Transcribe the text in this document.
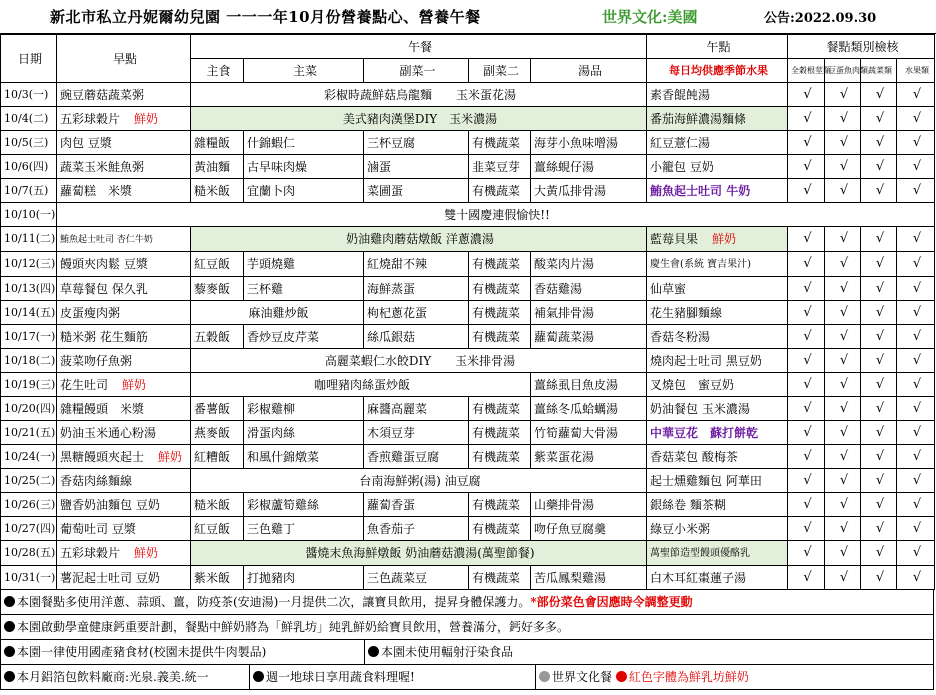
新北市私立丹妮爾幼兒園 一一一年10月份營養點心、營養午餐	世界文化:美國	公告:2022.09.30
日期	早點	午餐					午點	餐點類別檢核			
		主食	主菜	副菜一	副菜二	湯品	每日均供應季節水果	全穀根莖類	豆蛋魚肉類	蔬菜類	水果類
10/3(一)	豌豆蘑菇蔬菜粥	彩椒時蔬鮮菇烏龍麵　　玉米蛋花湯					素香餛飩湯	√	√	√	√
10/4(二)	五彩球穀片 鮮奶	美式豬肉漢堡DIY　玉米濃湯					番茄海鮮濃湯麵條	√	√	√	√
10/5(三)	肉包 豆漿	雜糧飯	什錦蝦仁	三杯豆腐	有機蔬菜	海芽小魚味噌湯	紅豆薏仁湯	√	√	√	√
10/6(四)	蔬菜玉米鮭魚粥	黃油麵	古早味肉燥	滷蛋	韭菜豆芽	薑絲蜆仔湯	小籠包 豆奶	√	√	√	√
10/7(五)	蘿蔔糕　米漿	糙米飯	宜蘭卜肉	菜圃蛋	有機蔬菜	大黃瓜排骨湯	鮪魚起士吐司 牛奶	√	√	√	√
10/10(一)	雙十國慶連假愉快!!										
10/11(二)	鮪魚起士吐司 杏仁牛奶	奶油雞肉蘑菇燉飯 洋蔥濃湯					藍莓貝果 鮮奶	√	√	√	√
10/12(三)	饅頭夾肉鬆 豆漿	紅豆飯	芋頭燒雞	紅燒甜不辣	有機蔬菜	酸菜肉片湯	慶生會(系統 寶吉果汁)	√	√	√	√
10/13(四)	草莓餐包 保久乳	藜麥飯	三杯雞	海鮮蒸蛋	有機蔬菜	香菇雞湯	仙草蜜	√	√	√	√
10/14(五)	皮蛋瘦肉粥	麻油雞炒飯		枸杞蔥花蛋	有機蔬菜	補氣排骨湯	花生豬腳麵線	√	√	√	√
10/17(一)	糙米粥 花生麵筋	五穀飯	香炒豆皮芹菜	絲瓜銀菇	有機蔬菜	蘿蔔蔬菜湯	香菇冬粉湯	√	√	√	√
10/18(二)	菠菜吻仔魚粥	高麗菜蝦仁水餃DIY　　玉米排骨湯					燒肉起士吐司 黑豆奶	√	√	√	√
10/19(三)	花生吐司 鮮奶	咖哩豬肉絲蛋炒飯				薑絲虱目魚皮湯	叉燒包　蜜豆奶	√	√	√	√
10/20(四)	雜糧饅頭　米漿	番薯飯	彩椒雞柳	麻醬高麗菜	有機蔬菜	薑絲冬瓜蛤蠣湯	奶油餐包 玉米濃湯	√	√	√	√
10/21(五)	奶油玉米通心粉湯	燕麥飯	滑蛋肉絲	木須豆芽	有機蔬菜	竹筍蘿蔔大骨湯	中華豆花　蘇打餅乾	√	√	√	√
10/24(一)	黑糖饅頭夾起士 鮮奶	紅糟飯	和風什錦燉菜	香煎雞蛋豆腐	有機蔬菜	紫菜蛋花湯	香菇菜包 酸梅茶	√	√	√	√
10/25(二)	香菇肉絲麵線	台南海鮮粥(湯) 油豆腐					起士燻雞麵包 阿華田	√	√	√	√
10/26(三)	鹽香奶油麵包 豆奶	糙米飯	彩椒蘆筍雞絲	蘿蔔香蛋	有機蔬菜	山藥排骨湯	銀絲卷 麵茶糊	√	√	√	√
10/27(四)	葡萄吐司 豆漿	紅豆飯	三色雞丁	魚香茄子	有機蔬菜	吻仔魚豆腐羹	綠豆小米粥	√	√	√	√
10/28(五)	五彩球穀片 鮮奶	醬燒末魚海鮮燉飯 奶油蘑菇濃湯(萬聖節餐)					萬聖節造型饅頭優酪乳	√	√	√	√
10/31(一)	薯泥起士吐司 豆奶	紫米飯	打拋豬肉	三色蔬菜豆	有機蔬菜	苦瓜鳳梨雞湯	白木耳紅棗蓮子湯	√	√	√	√
本園餐點多使用洋蔥、蒜頭、薑，防疫茶(安迪湯)一月提供二次，讓寶貝飲用，提昇身體保護力。*部份菜色會因應時令調整更動
本園啟動學童健康鈣重要計劃，餐點中鮮奶將為「鮮乳坊」純乳鮮奶給寶貝飲用，營養滿分，鈣好多多。
本園一律使用國產豬食材(校園未提供牛肉製品)	本園未使用輻射汙染食品
本月鋁箔包飲料廠商:光泉.義美.統一	週一地球日享用蔬食料理喔!	世界文化餐 紅色字體為鮮乳坊鮮奶
